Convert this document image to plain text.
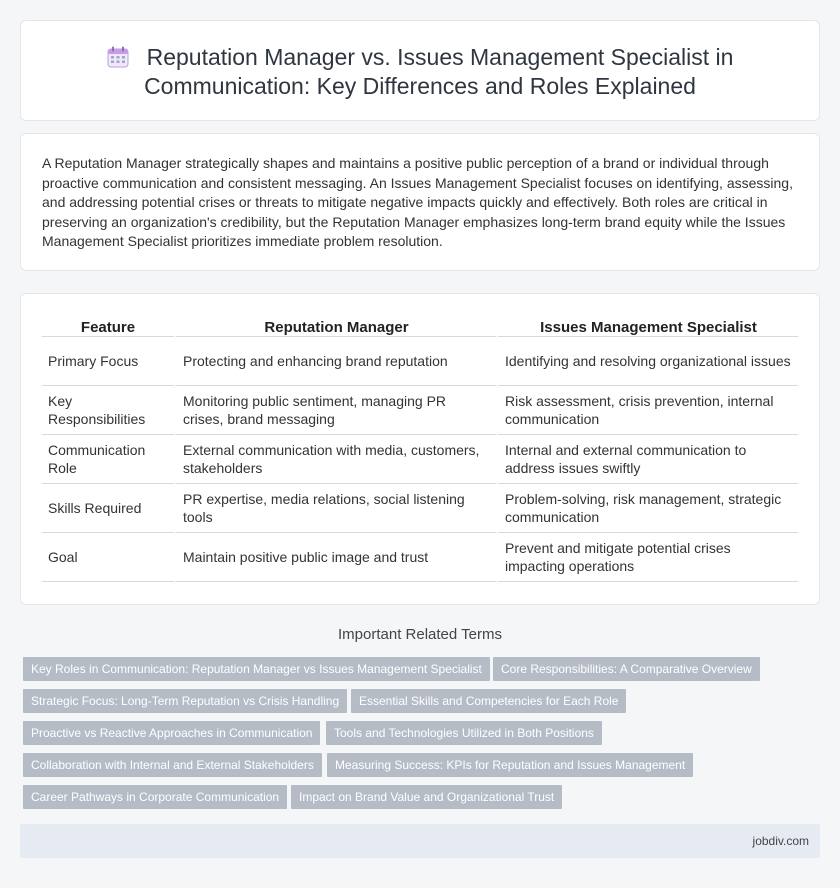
Reputation Manager vs. Issues Management Specialist in
Communication: Key Differences and Roles Explained

A Reputation Manager strategically shapes and maintains a positive public perception of a brand or individual through proactive communication and consistent messaging. An Issues Management Specialist focuses on identifying, assessing, and addressing potential crises or threats to mitigate negative impacts quickly and effectively. Both roles are critical in preserving an organization's credibility, but the Reputation Manager emphasizes long-term brand equity while the Issues Management Specialist prioritizes immediate problem resolution.

Feature	Reputation Manager	Issues Management Specialist
Primary Focus	Protecting and enhancing brand reputation	Identifying and resolving organizational issues
Key Responsibilities	Monitoring public sentiment, managing PR crises, brand messaging	Risk assessment, crisis prevention, internal communication
Communication Role	External communication with media, customers, stakeholders	Internal and external communication to address issues swiftly
Skills Required	PR expertise, media relations, social listening tools	Problem-solving, risk management, strategic communication
Goal	Maintain positive public image and trust	Prevent and mitigate potential crises impacting operations
Important Related Terms
Key Roles in Communication: Reputation Manager vs Issues Management Specialist	Core Responsibilities: A Comparative Overview
Strategic Focus: Long-Term Reputation vs Crisis Handling	Essential Skills and Competencies for Each Role
Proactive vs Reactive Approaches in Communication	Tools and Technologies Utilized in Both Positions
Collaboration with Internal and External Stakeholders	Measuring Success: KPIs for Reputation and Issues Management
Career Pathways in Corporate Communication	Impact on Brand Value and Organizational Trust
jobdiv.com
